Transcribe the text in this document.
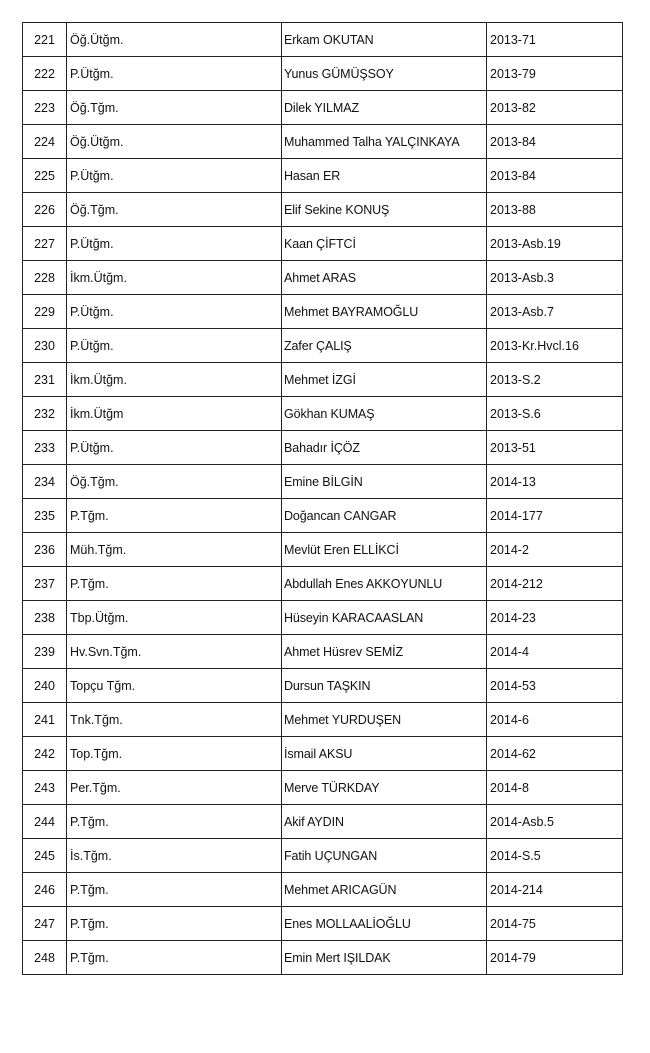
221	Öğ.Ütğm.	Erkam OKUTAN	2013-71
222	P.Ütğm.	Yunus GÜMÜŞSOY	2013-79
223	Öğ.Tğm.	Dilek YILMAZ	2013-82
224	Öğ.Ütğm.	Muhammed Talha YALÇINKAYA	2013-84
225	P.Ütğm.	Hasan ER	2013-84
226	Öğ.Tğm.	Elif Sekine KONUŞ	2013-88
227	P.Ütğm.	Kaan ÇİFTCİ	2013-Asb.19
228	İkm.Ütğm.	Ahmet ARAS	2013-Asb.3
229	P.Ütğm.	Mehmet BAYRAMOĞLU	2013-Asb.7
230	P.Ütğm.	Zafer ÇALIŞ	2013-Kr.Hvcl.16
231	İkm.Ütğm.	Mehmet İZGİ	2013-S.2
232	İkm.Ütğm	Gökhan KUMAŞ	2013-S.6
233	P.Ütğm.	Bahadır İÇÖZ	2013-51
234	Öğ.Tğm.	Emine BİLGİN	2014-13
235	P.Tğm.	Doğancan CANGAR	2014-177
236	Müh.Tğm.	Mevlüt Eren ELLİKCİ	2014-2
237	P.Tğm.	Abdullah Enes AKKOYUNLU	2014-212
238	Tbp.Ütğm.	Hüseyin KARACAASLAN	2014-23
239	Hv.Svn.Tğm.	Ahmet Hüsrev SEMİZ	2014-4
240	Topçu Tğm.	Dursun TAŞKIN	2014-53
241	Tnk.Tğm.	Mehmet YURDUŞEN	2014-6
242	Top.Tğm.	İsmail AKSU	2014-62
243	Per.Tğm.	Merve TÜRKDAY	2014-8
244	P.Tğm.	Akif AYDIN	2014-Asb.5
245	İs.Tğm.	Fatih UÇUNGAN	2014-S.5
246	P.Tğm.	Mehmet ARICAGÜN	2014-214
247	P.Tğm.	Enes MOLLAALİOĞLU	2014-75
248	P.Tğm.	Emin Mert IŞILDAK	2014-79
